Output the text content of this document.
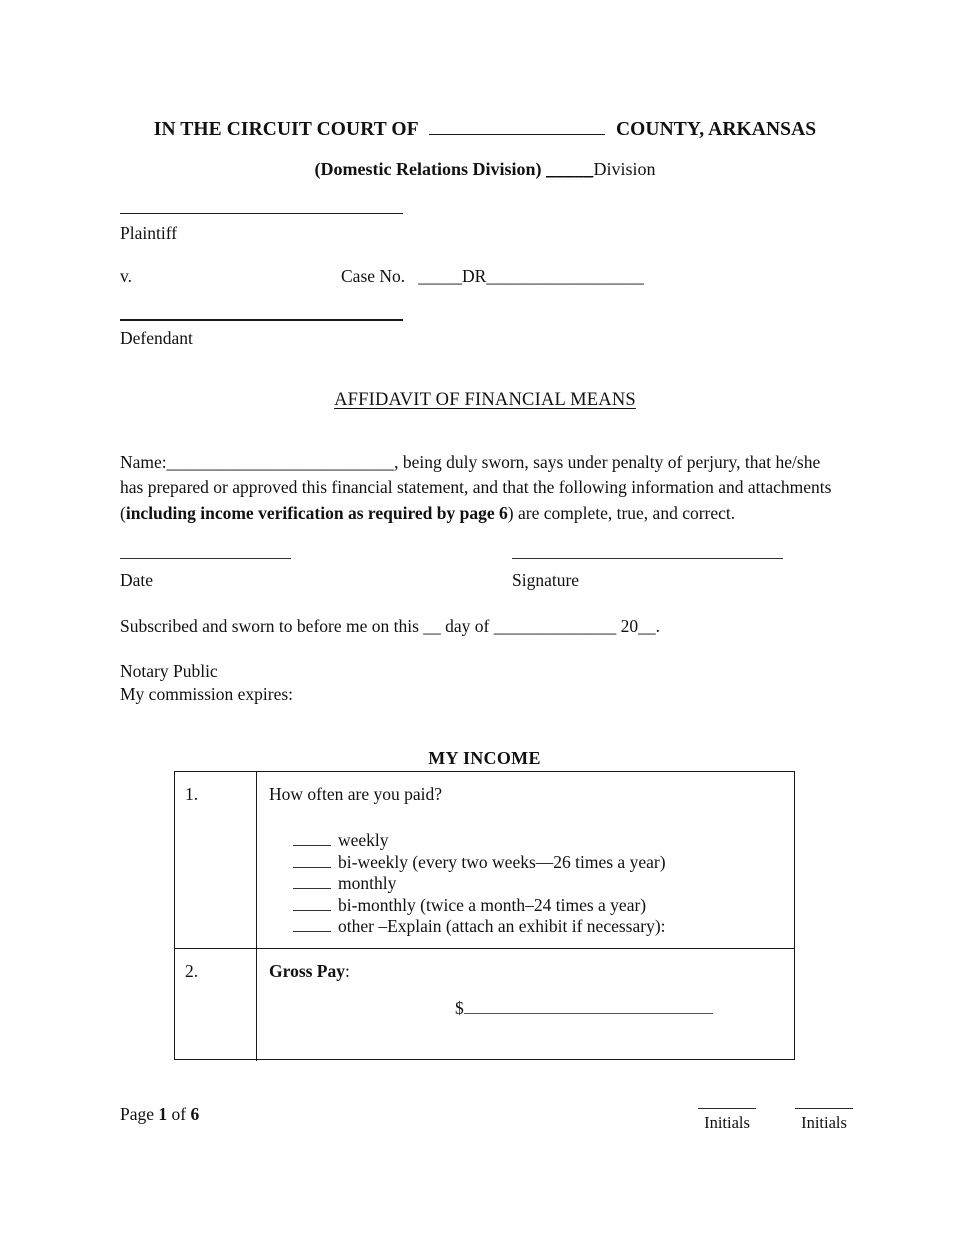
IN THE CIRCUIT COURT OF	COUNTY, ARKANSAS
(Domestic Relations Division) _____Division
Plaintiff
v.	Case No. _____DR__________________
Defendant
AFFIDAVIT OF FINANCIAL MEANS

Name:__________________________, being duly sworn, says under penalty of perjury, that he/she has prepared or approved this financial statement, and that the following information and attachments (including income verification as required by page 6) are complete, true, and correct.

Date	Signature
Subscribed and sworn to before me on this __ day of ______________ 20__.
Notary Public
My commission expires:
MY INCOME
1.	How often are you paid?
weekly
bi-weekly (every two weeks—26 times a year)
monthly
bi-monthly (twice a month–24 times a year)
other –Explain (attach an exhibit if necessary):
2.	Gross Pay:
$
Page 1 of 6	Initials	Initials
